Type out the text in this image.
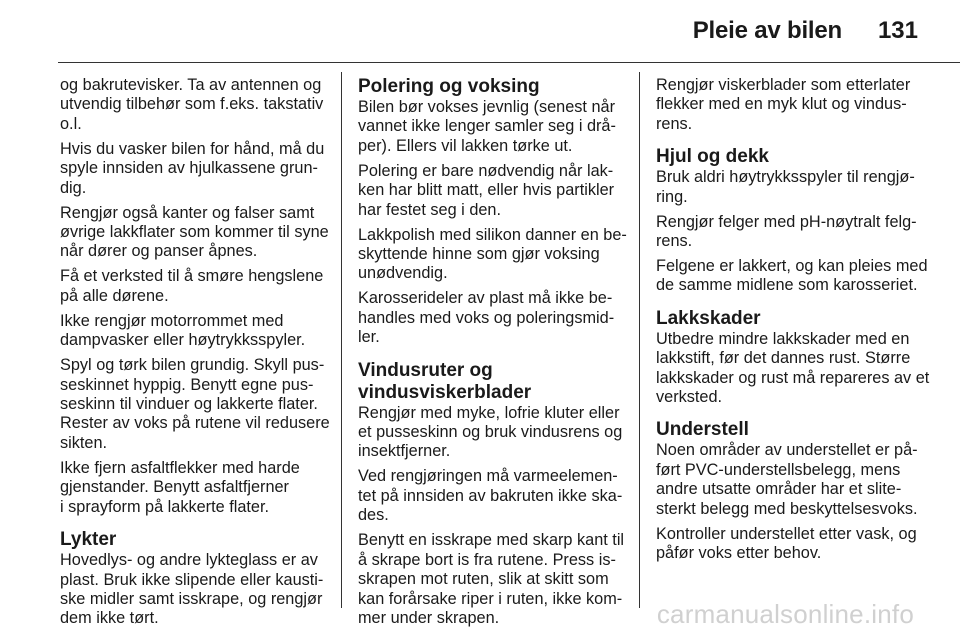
Pleie av bilen 131

og bakrutevisker. Ta av antennen og
utvendig tilbehør som f.eks. takstativ
o.l.

Hvis du vasker bilen for hånd, må du
spyle innsiden av hjulkassene grun-
dig.

Rengjør også kanter og falser samt
øvrige lakkflater som kommer til syne
når dører og panser åpnes.

Få et verksted til å smøre hengslene
på alle dørene.

Ikke rengjør motorrommet med
dampvasker eller høytrykksspyler.

Spyl og tørk bilen grundig. Skyll pus-
seskinnet hyppig. Benytt egne pus-
seskinn til vinduer og lakkerte flater.
Rester av voks på rutene vil redusere
sikten.

Ikke fjern asfaltflekker med harde
gjenstander. Benytt asfaltfjerner
i sprayform på lakkerte flater.

Lykter

Hovedlys- og andre lykteglass er av
plast. Bruk ikke slipende eller kausti-
ske midler samt isskrape, og rengjør
dem ikke tørt.

Polering og voksing

Bilen bør vokses jevnlig (senest når
vannet ikke lenger samler seg i drå-
per). Ellers vil lakken tørke ut.

Polering er bare nødvendig når lak-
ken har blitt matt, eller hvis partikler
har festet seg i den.

Lakkpolish med silikon danner en be-
skyttende hinne som gjør voksing
unødvendig.

Karosserideler av plast må ikke be-
handles med voks og poleringsmid-
ler.

Vindusruter og
vindusviskerblader

Rengjør med myke, lofrie kluter eller
et pusseskinn og bruk vindusrens og
insektfjerner.

Ved rengjøringen må varmeelemen-
tet på innsiden av bakruten ikke ska-
des.

Benytt en isskrape med skarp kant til
å skrape bort is fra rutene. Press is-
skrapen mot ruten, slik at skitt som
kan forårsake riper i ruten, ikke kom-
mer under skrapen.

Rengjør viskerblader som etterlater
flekker med en myk klut og vindus-
rens.

Hjul og dekk

Bruk aldri høytrykksspyler til rengjø-
ring.

Rengjør felger med pH-nøytralt felg-
rens.

Felgene er lakkert, og kan pleies med
de samme midlene som karosseriet.

Lakkskader

Utbedre mindre lakkskader med en
lakkstift, før det dannes rust. Større
lakkskader og rust må repareres av et
verksted.

Understell

Noen områder av understellet er på-
ført PVC-understellsbelegg, mens
andre utsatte områder har et slite-
sterkt belegg med beskyttelsesvoks.

Kontroller understellet etter vask, og
påfør voks etter behov.

carmanualsonline.info
